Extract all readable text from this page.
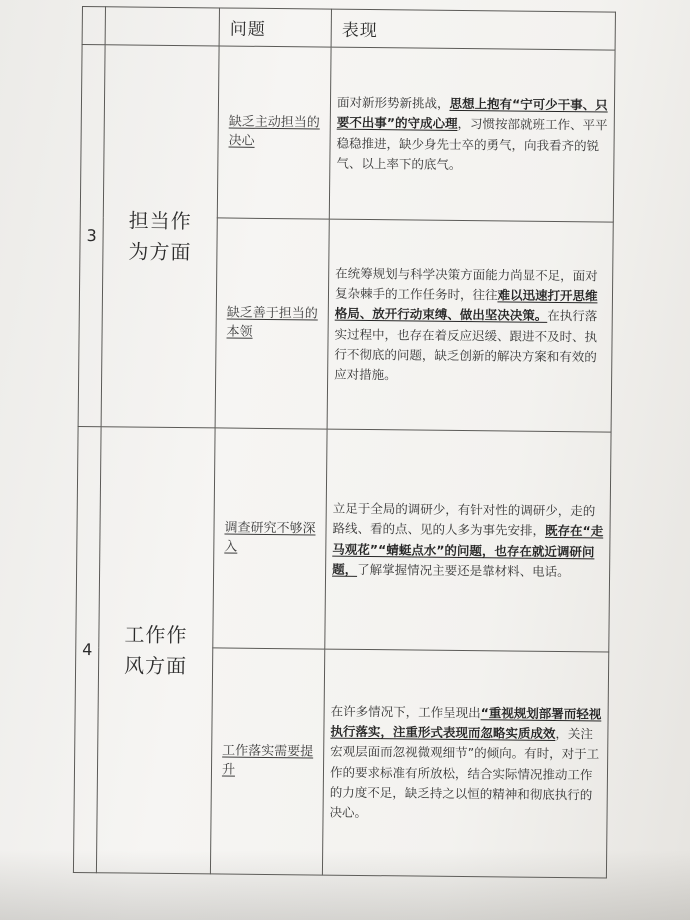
		问题	表现
3	担当作为方面	缺乏主动担当的决心	面对新形势新挑战，思想上抱有“宁可少干事、只要不出事”的守成心理，习惯按部就班工作、平平稳稳推进，缺少身先士卒的勇气，向我看齐的锐气、以上率下的底气。

		缺乏善于担当的本领	在统筹规划与科学决策方面能力尚显不足，面对复杂棘手的工作任务时，往往难以迅速打开思维格局、放开行动束缚、做出坚决决策。在执行落实过程中，也存在着反应迟缓、跟进不及时、执行不彻底的问题，缺乏创新的解决方案和有效的应对措施。

4	工作作风方面	调查研究不够深入	立足于全局的调研少，有针对性的调研少，走的路线、看的点、见的人多为事先安排，既存在“走马观花”“蜻蜓点水”的问题，也存在就近调研问题，了解掌握情况主要还是靠材料、电话。

		工作落实需要提升	在许多情况下，工作呈现出“重视规划部署而轻视执行落实，注重形式表现而忽略实质成效，关注宏观层面而忽视微观细节”的倾向。有时，对于工作的要求标准有所放松，结合实际情况推动工作的力度不足，缺乏持之以恒的精神和彻底执行的决心。
